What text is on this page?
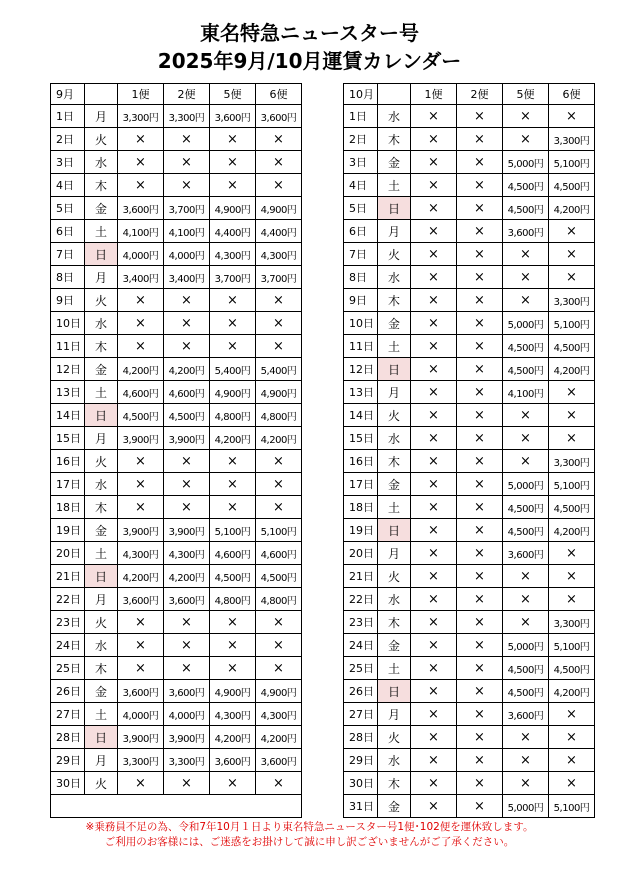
東名特急ニュースター号
2025年9月/10月運賃カレンダー
9月		1便	2便	5便	6便
1日	月	3,300円	3,300円	3,600円	3,600円
2日	火	×	×	×	×
3日	水	×	×	×	×
4日	木	×	×	×	×
5日	金	3,600円	3,700円	4,900円	4,900円
6日	土	4,100円	4,100円	4,400円	4,400円
7日	日	4,000円	4,000円	4,300円	4,300円
8日	月	3,400円	3,400円	3,700円	3,700円
9日	火	×	×	×	×
10日	水	×	×	×	×
11日	木	×	×	×	×
12日	金	4,200円	4,200円	5,400円	5,400円
13日	土	4,600円	4,600円	4,900円	4,900円
14日	日	4,500円	4,500円	4,800円	4,800円
15日	月	3,900円	3,900円	4,200円	4,200円
16日	火	×	×	×	×
17日	水	×	×	×	×
18日	木	×	×	×	×
19日	金	3,900円	3,900円	5,100円	5,100円
20日	土	4,300円	4,300円	4,600円	4,600円
21日	日	4,200円	4,200円	4,500円	4,500円
22日	月	3,600円	3,600円	4,800円	4,800円
23日	火	×	×	×	×
24日	水	×	×	×	×
25日	木	×	×	×	×
26日	金	3,600円	3,600円	4,900円	4,900円
27日	土	4,000円	4,000円	4,300円	4,300円
28日	日	3,900円	3,900円	4,200円	4,200円
29日	月	3,300円	3,300円	3,600円	3,600円
30日	火	×	×	×	×

10月		1便	2便	5便	6便
1日	水	×	×	×	×
2日	木	×	×	×	3,300円
3日	金	×	×	5,000円	5,100円
4日	土	×	×	4,500円	4,500円
5日	日	×	×	4,500円	4,200円
6日	月	×	×	3,600円	×
7日	火	×	×	×	×
8日	水	×	×	×	×
9日	木	×	×	×	3,300円
10日	金	×	×	5,000円	5,100円
11日	土	×	×	4,500円	4,500円
12日	日	×	×	4,500円	4,200円
13日	月	×	×	4,100円	×
14日	火	×	×	×	×
15日	水	×	×	×	×
16日	木	×	×	×	3,300円
17日	金	×	×	5,000円	5,100円
18日	土	×	×	4,500円	4,500円
19日	日	×	×	4,500円	4,200円
20日	月	×	×	3,600円	×
21日	火	×	×	×	×
22日	水	×	×	×	×
23日	木	×	×	×	3,300円
24日	金	×	×	5,000円	5,100円
25日	土	×	×	4,500円	4,500円
26日	日	×	×	4,500円	4,200円
27日	月	×	×	3,600円	×
28日	火	×	×	×	×
29日	水	×	×	×	×
30日	木	×	×	×	×
31日	金	×	×	5,000円	5,100円
※乗務員不足の為、令和7年10月１日より東名特急ニュースター号1便･102便を運休致します。
ご利用のお客様には、ご迷惑をお掛けして誠に申し訳ございませんがご了承ください。
